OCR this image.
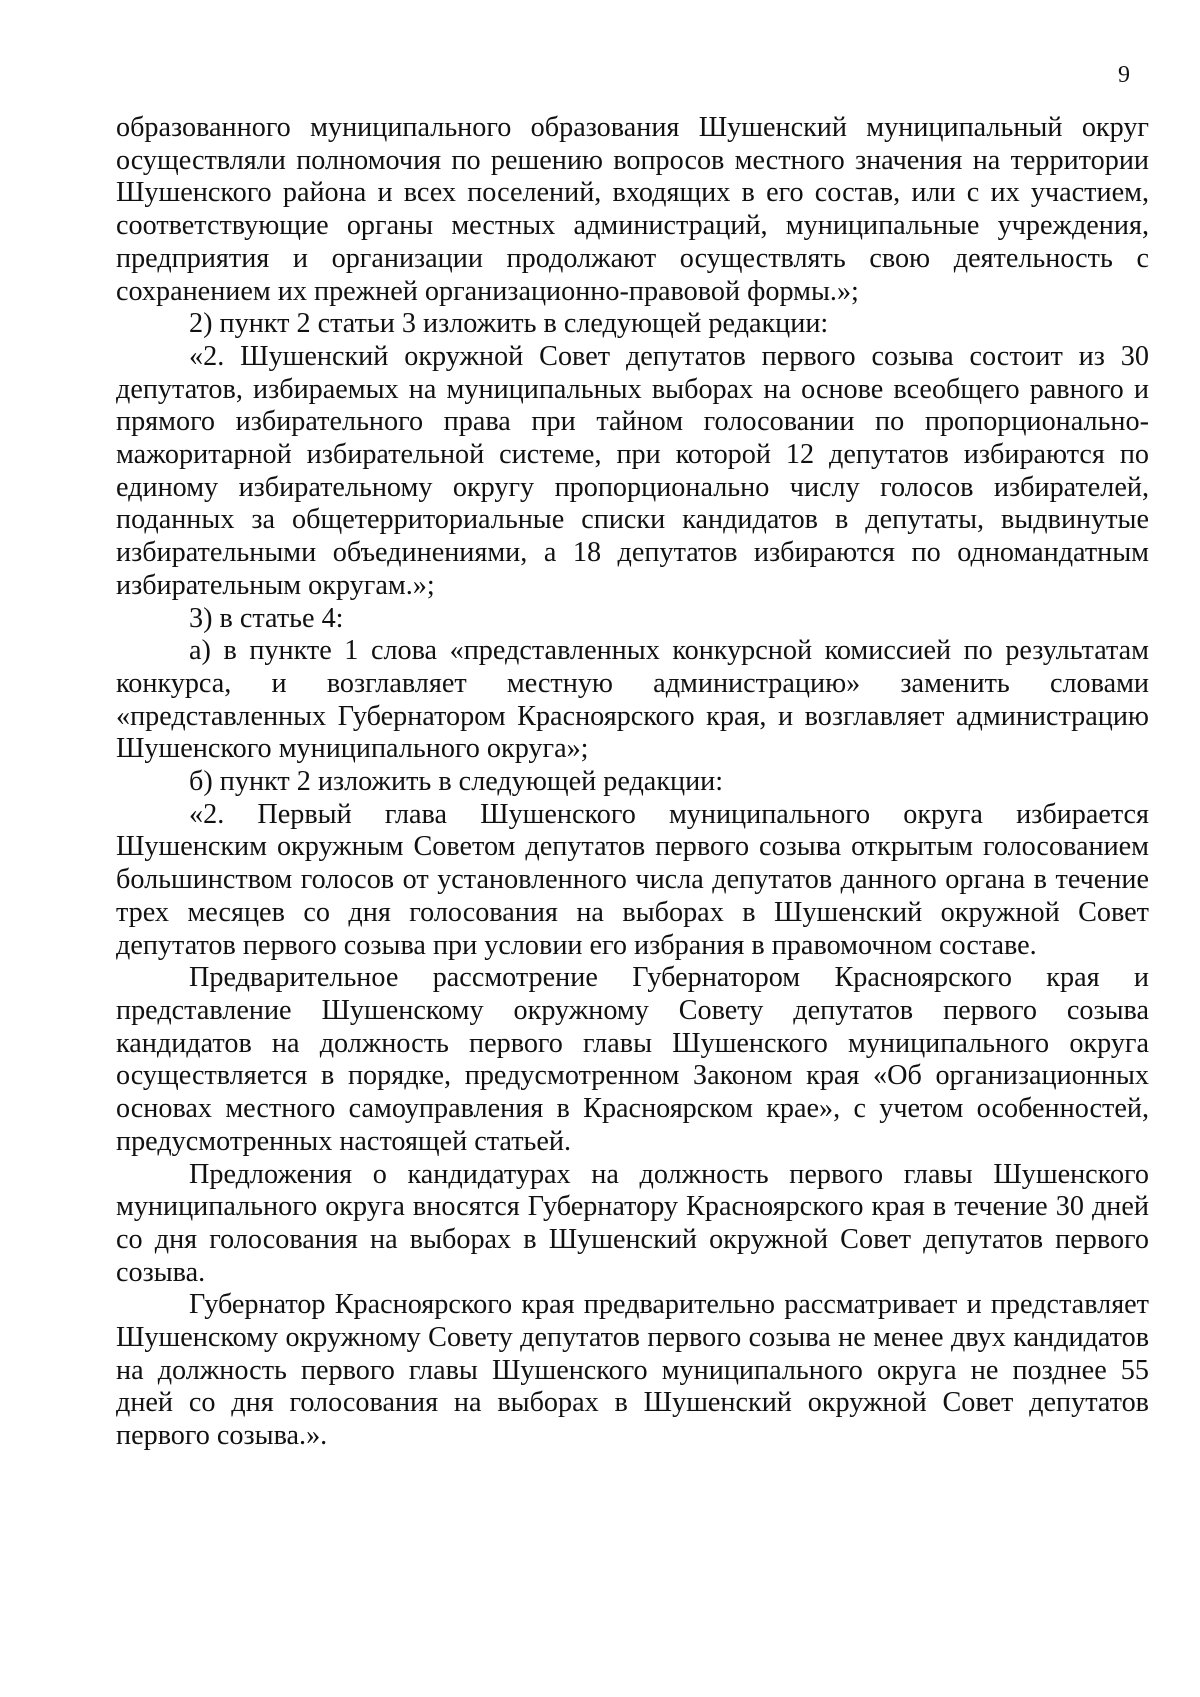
9

образованного муниципального образования Шушенский муниципальный округ осуществляли полномочия по решению вопросов местного значения на территории Шушенского района и всех поселений, входящих в его состав, или с их участием, соответствующие органы местных администраций, муниципальные учреждения, предприятия и организации продолжают осуществлять свою деятельность с сохранением их прежней организационно-правовой формы.»;

2) пункт 2 статьи 3 изложить в следующей редакции:

«2. Шушенский окружной Совет депутатов первого созыва состоит из 30 депутатов, избираемых на муниципальных выборах на основе всеобщего равного и прямого избирательного права при тайном голосовании по пропорционально-мажоритарной избирательной системе, при которой 12 депутатов избираются по единому избирательному округу пропорционально числу голосов избирателей, поданных за общетерриториальные списки кандидатов в депутаты, выдвинутые избирательными объединениями, а 18 депутатов избираются по одномандатным избирательным округам.»;

3) в статье 4:

а) в пункте 1 слова «представленных конкурсной комиссией по результатам конкурса, и возглавляет местную администрацию» заменить словами «представленных Губернатором Красноярского края, и возглавляет администрацию Шушенского муниципального округа»;

б) пункт 2 изложить в следующей редакции:

«2. Первый глава Шушенского муниципального округа избирается Шушенским окружным Советом депутатов первого созыва открытым голосованием большинством голосов от установленного числа депутатов данного органа в течение трех месяцев со дня голосования на выборах в Шушенский окружной Совет депутатов первого созыва при условии его избрания в правомочном составе.

Предварительное рассмотрение Губернатором Красноярского края и представление Шушенскому окружному Совету депутатов первого созыва кандидатов на должность первого главы Шушенского муниципального округа осуществляется в порядке, предусмотренном Законом края «Об организационных основах местного самоуправления в Красноярском крае», с учетом особенностей, предусмотренных настоящей статьей.

Предложения о кандидатурах на должность первого главы Шушенского муниципального округа вносятся Губернатору Красноярского края в течение 30 дней со дня голосования на выборах в Шушенский окружной Совет депутатов первого созыва.

Губернатор Красноярского края предварительно рассматривает и представляет Шушенскому окружному Совету депутатов первого созыва не менее двух кандидатов на должность первого главы Шушенского муниципального округа не позднее 55 дней со дня голосования на выборах в Шушенский окружной Совет депутатов первого созыва.».
